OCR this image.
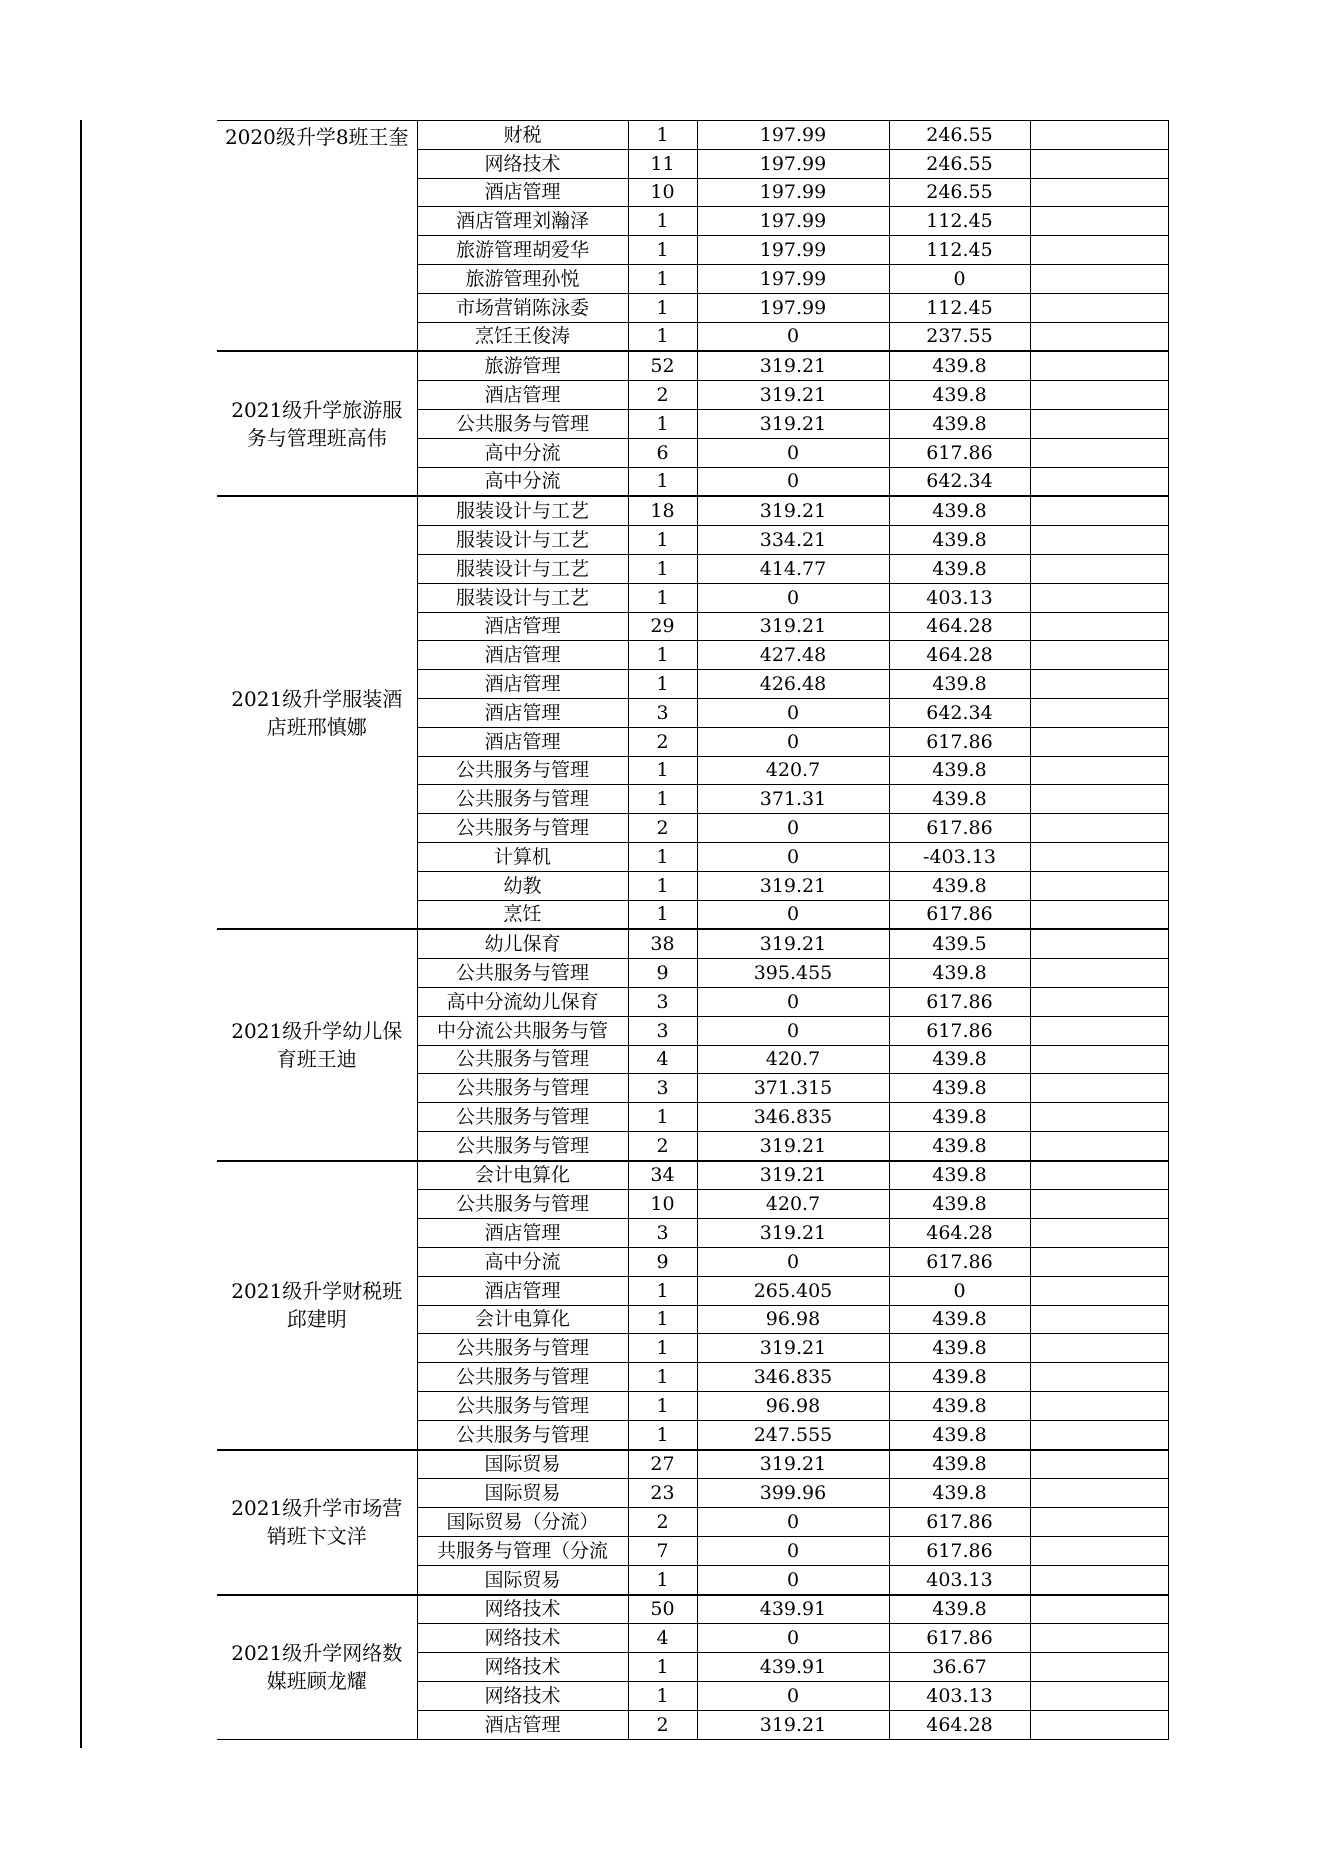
2020级升学8班王奎	财税	1	197.99	246.55	
	网络技术	11	197.99	246.55	
	酒店管理	10	197.99	246.55	
	酒店管理刘瀚泽	1	197.99	112.45	
	旅游管理胡爱华	1	197.99	112.45	
	旅游管理孙悦	1	197.99	0	
	市场营销陈泳委	1	197.99	112.45	
	烹饪王俊涛	1	0	237.55	
2021级升学旅游服务与管理班高伟	旅游管理	52	319.21	439.8	
	酒店管理	2	319.21	439.8	
	公共服务与管理	1	319.21	439.8	
	高中分流	6	0	617.86	
	高中分流	1	0	642.34	
2021级升学服装酒店班邢慎娜	服装设计与工艺	18	319.21	439.8	
	服装设计与工艺	1	334.21	439.8	
	服装设计与工艺	1	414.77	439.8	
	服装设计与工艺	1	0	403.13	
	酒店管理	29	319.21	464.28	
	酒店管理	1	427.48	464.28	
	酒店管理	1	426.48	439.8	
	酒店管理	3	0	642.34	
	酒店管理	2	0	617.86	
	公共服务与管理	1	420.7	439.8	
	公共服务与管理	1	371.31	439.8	
	公共服务与管理	2	0	617.86	
	计算机	1	0	-403.13	
	幼教	1	319.21	439.8	
	烹饪	1	0	617.86	
2021级升学幼儿保育班王迪	幼儿保育	38	319.21	439.5	
	公共服务与管理	9	395.455	439.8	
	高中分流幼儿保育	3	0	617.86	
	中分流公共服务与管	3	0	617.86	
	公共服务与管理	4	420.7	439.8	
	公共服务与管理	3	371.315	439.8	
	公共服务与管理	1	346.835	439.8	
	公共服务与管理	2	319.21	439.8	
2021级升学财税班邱建明	会计电算化	34	319.21	439.8	
	公共服务与管理	10	420.7	439.8	
	酒店管理	3	319.21	464.28	
	高中分流	9	0	617.86	
	酒店管理	1	265.405	0	
	会计电算化	1	96.98	439.8	
	公共服务与管理	1	319.21	439.8	
	公共服务与管理	1	346.835	439.8	
	公共服务与管理	1	96.98	439.8	
	公共服务与管理	1	247.555	439.8	
2021级升学市场营销班卞文洋	国际贸易	27	319.21	439.8	
	国际贸易	23	399.96	439.8	
	国际贸易（分流）	2	0	617.86	
	共服务与管理（分流	7	0	617.86	
	国际贸易	1	0	403.13	
2021级升学网络数媒班顾龙耀	网络技术	50	439.91	439.8	
	网络技术	4	0	617.86	
	网络技术	1	439.91	36.67	
	网络技术	1	0	403.13	
	酒店管理	2	319.21	464.28	
